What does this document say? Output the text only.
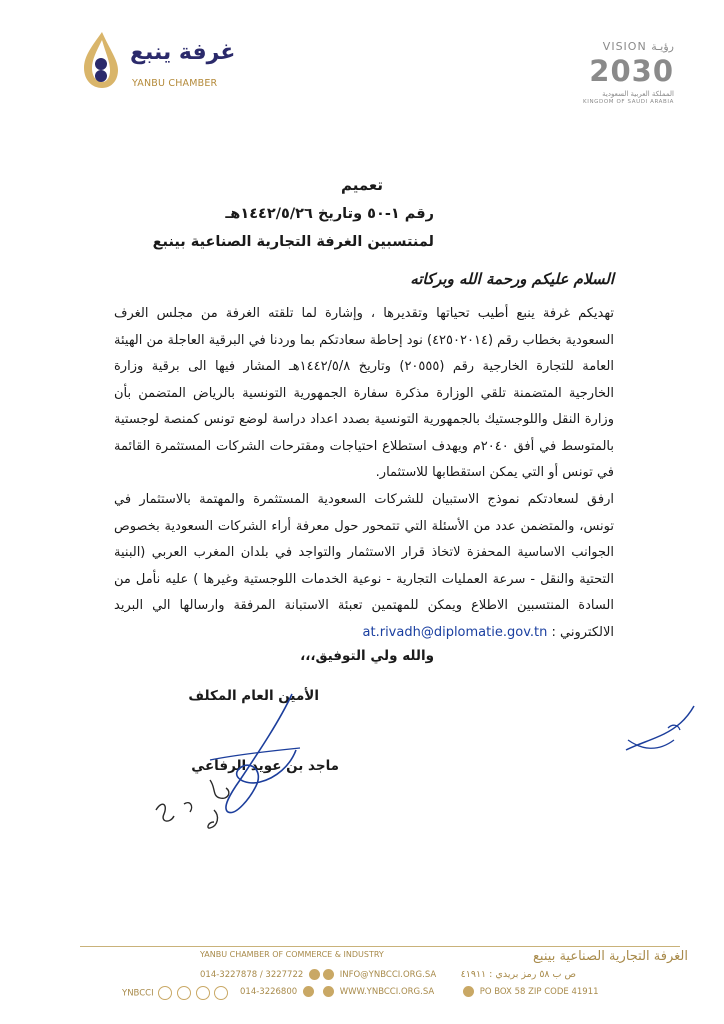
غرفة ينبع
YANBU CHAMBER
VISION رؤيـة
2030
المملكة العربية السعودية
KINGDOM OF SAUDI ARABIA
تعميم
رقم ١-٥٠ وتاريخ ١٤٤٢/٥/٢٦هـ
لمنتسبين الغرفة التجارية الصناعية بينبع
السلام عليكم ورحمة الله وبركاته
تهديكم غرفة ينبع أطيب تحياتها وتقديرها ، وإشارة لما تلقته الغرفة من مجلس الغرف السعودية بخطاب رقم (٤٢٥٠٢٠١٤) نود إحاطة سعادتكم بما وردنا في البرقية العاجلة من الهيئة العامة للتجارة الخارجية رقم (٢٠٥٥٥) وتاريخ ١٤٤٢/٥/٨هـ المشار فيها الى برقية وزارة الخارجية المتضمنة تلقي الوزارة مذكرة سفارة الجمهورية التونسية بالرياض المتضمن بأن وزارة النقل واللوجستيك بالجمهورية التونسية بصدد اعداد دراسة لوضع تونس كمنصة لوجستية بالمتوسط في أفق ٢٠٤٠م ويهدف استطلاع احتياجات ومقترحات الشركات المستثمرة القائمة في تونس أو التي يمكن استقطابها للاستثمار.
ارفق لسعادتكم نموذج الاستبيان للشركات السعودية المستثمرة والمهتمة بالاستثمار في تونس، والمتضمن عدد من الأسئلة التي تتمحور حول معرفة أراء الشركات السعودية بخصوص الجوانب الاساسية المحفزة لاتخاذ قرار الاستثمار والتواجد في بلدان المغرب العربي (البنية التحتية والنقل - سرعة العمليات التجارية - نوعية الخدمات اللوجستية وغيرها ) عليه نأمل من السادة المنتسبين الاطلاع ويمكن للمهتمين تعبئة الاستبانة المرفقة وارسالها الي البريد الالكتروني : at.rivadh@diplomatie.gov.tn
والله ولي التوفيق،،،
الأمين العام المكلف
ماجد بن عويد الرفاعي
الغرفة التجارية الصناعية بينبع
YANBU CHAMBER OF COMMERCE & INDUSTRY
014-3227878 / 3227722	INFO@YNBCCI.ORG.SA	ص ب ٥٨ رمز بريدي : ٤١٩١١
YNBCCI	014-3226800	WWW.YNBCCI.ORG.SA	PO BOX 58 ZIP CODE 41911
